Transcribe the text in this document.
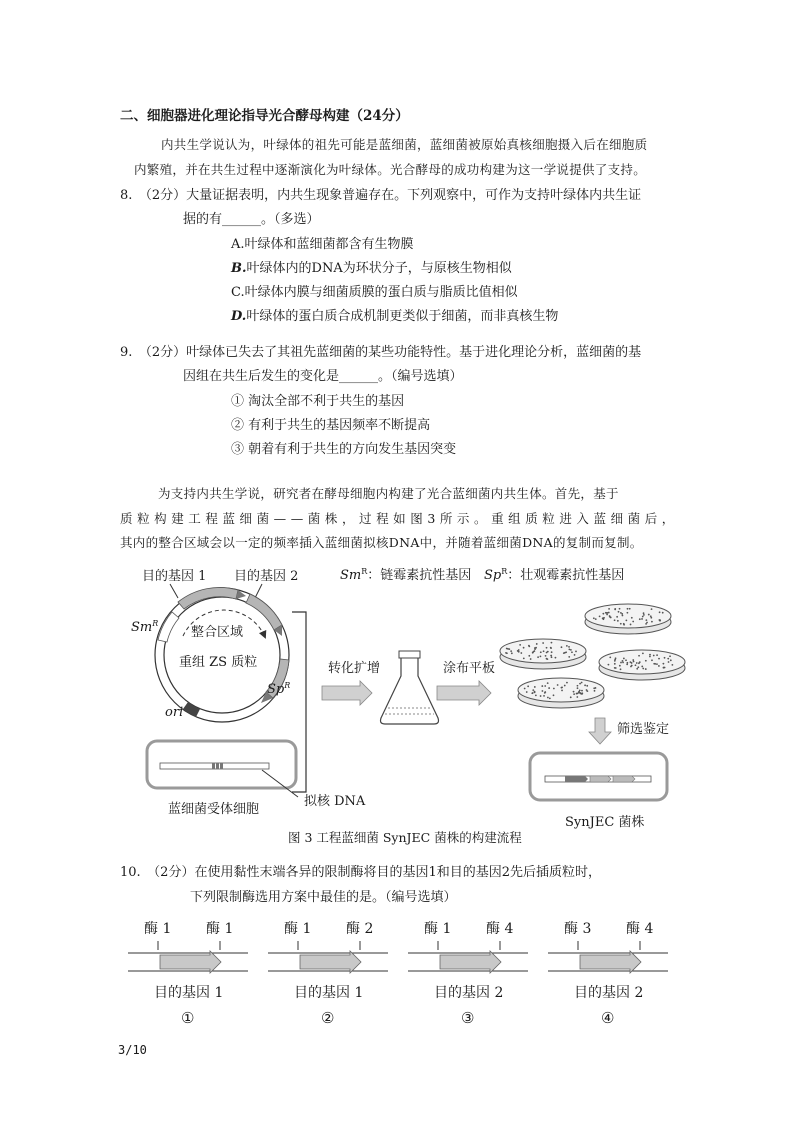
二、细胞器进化理论指导光合酵母构建（24分）
内共生学说认为，叶绿体的祖先可能是蓝细菌，蓝细菌被原始真核细胞摄入后在细胞质
内繁殖，并在共生过程中逐渐演化为叶绿体。光合酵母的成功构建为这一学说提供了支持。
8.　（2分）大量证据表明，内共生现象普遍存在。下列观察中，可作为支持叶绿体内共生证
据的有______。（多选）
A.叶绿体和蓝细菌都含有生物膜
B.叶绿体内的DNA为环状分子，与原核生物相似
C.叶绿体内膜与细菌质膜的蛋白质与脂质比值相似
D.叶绿体的蛋白质合成机制更类似于细菌，而非真核生物
9.　（2分）叶绿体已失去了其祖先蓝细菌的某些功能特性。基于进化理论分析，蓝细菌的基
因组在共生后发生的变化是______。（编号选填）
① 淘汰全部不利于共生的基因
② 有利于共生的基因频率不断提高
③ 朝着有利于共生的方向发生基因突变
为支持内共生学说，研究者在酵母细胞内构建了光合蓝细菌内共生体。首先，基于
质 粒 构 建 工 程 蓝 细 菌 — — 菌 株 ， 过 程 如 图 3 所 示 。 重 组 质 粒 进 入 蓝 细 菌 后 ，
其内的整合区域会以一定的频率插入蓝细菌拟核DNA中，并随着蓝细菌DNA的复制而复制。
目的基因 1 目的基因 2	$Sm^R$：链霉素抗性基因 $Sp^R$：壮观霉素抗性基因
$Sm^R$
整合区域
重组 ZS 质粒
$Sp^R$
ori
拟核 DNA
蓝细菌受体细胞
转化扩增	涂布平板
筛选鉴定
SynJEC 菌株
图 3 工程蓝细菌 SynJEC 菌株的构建流程
酶 1 酶 1
目的基因 1
①
酶 1 酶 2
目的基因 1
②
酶 1 酶 4
目的基因 2
③
酶 3 酶 4
目的基因 2
④
10.　（2分）在使用黏性末端各异的限制酶将目的基因1和目的基因2先后插质粒时，
下列限制酶选用方案中最佳的是。（编号选填）
3/10
